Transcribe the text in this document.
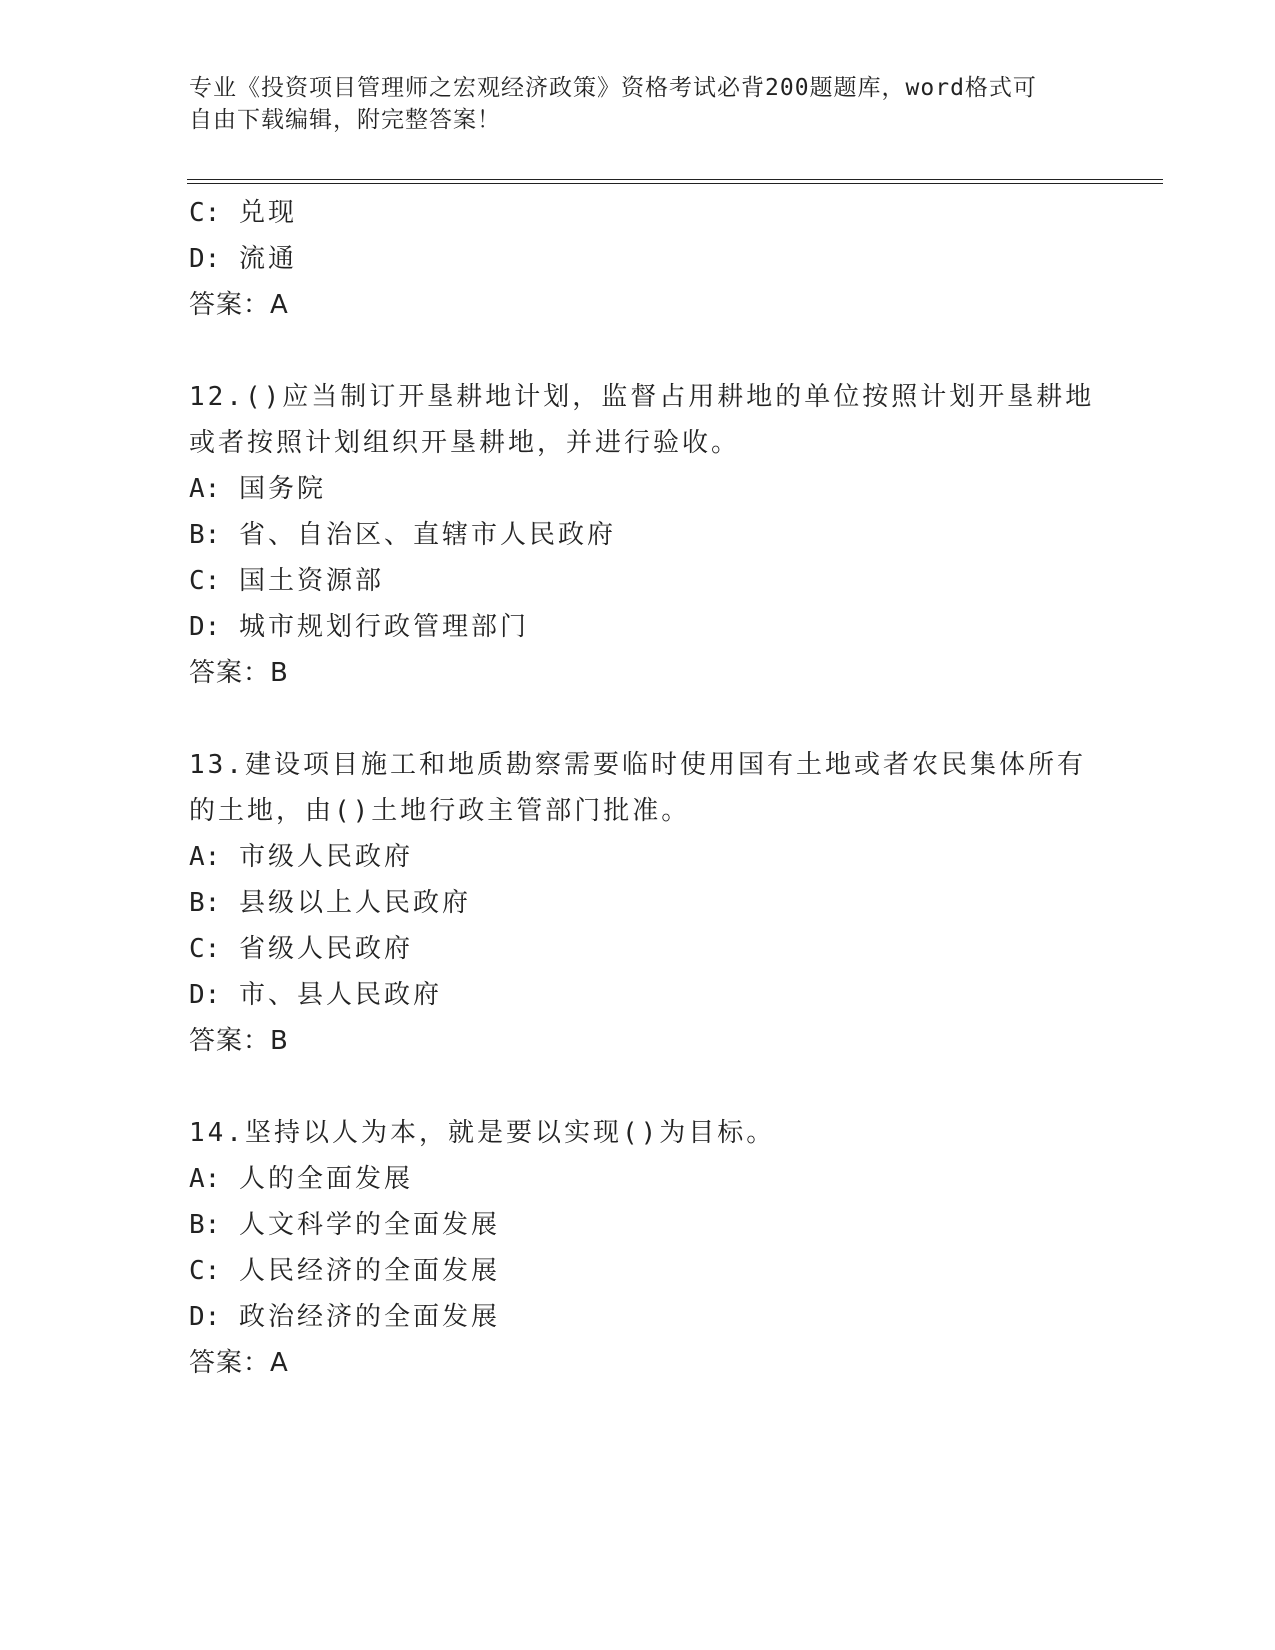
专业《投资项目管理师之宏观经济政策》资格考试必背200题题库，word格式可
自由下载编辑，附完整答案！
C: 兑现
D: 流通
答案：A
12.()应当制订开垦耕地计划，监督占用耕地的单位按照计划开垦耕地
或者按照计划组织开垦耕地，并进行验收。
A: 国务院
B: 省、自治区、直辖市人民政府
C: 国土资源部
D: 城市规划行政管理部门
答案：B
13.建设项目施工和地质勘察需要临时使用国有土地或者农民集体所有
的土地，由()土地行政主管部门批准。
A: 市级人民政府
B: 县级以上人民政府
C: 省级人民政府
D: 市、县人民政府
答案：B
14.坚持以人为本，就是要以实现()为目标。
A: 人的全面发展
B: 人文科学的全面发展
C: 人民经济的全面发展
D: 政治经济的全面发展
答案：A
